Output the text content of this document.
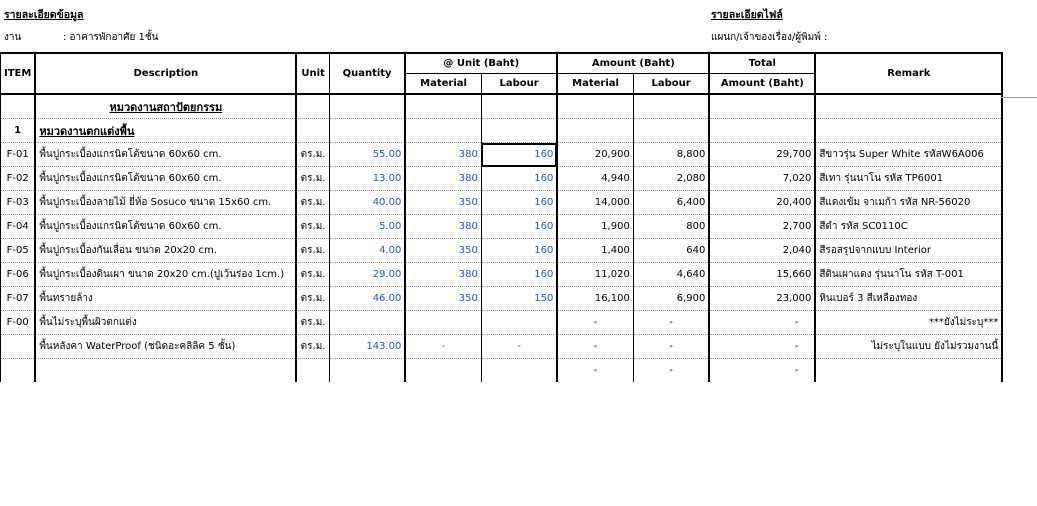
รายละเอียดข้อมูล	รายละเอียดไฟล์
งาน	: อาคารพักอาศัย 1ชั้น	แผนก/เจ้าของเรื่อง/ผู้พิมพ์ :
ITEM	Description	Unit	Quantity	@ Unit (Baht)		Amount (Baht)		Total	Remark
				Material	Labour	Material	Labour	Amount (Baht)	
	หมวดงานสถาปัตยกรรม								
1	หมวดงานตกแต่งพื้น								
F-01	พื้นปูกระเบื้องแกรนิตโต้ขนาด 60x60 cm.	ตร.ม.	55.00	380	160	20,900	8,800	29,700	สีขาวรุ่น Super White รหัสW6A006
F-02	พื้นปูกระเบื้องแกรนิตโต้ขนาด 60x60 cm.	ตร.ม.	13.00	380	160	4,940	2,080	7,020	สีเทา รุ่นนาโน รหัส TP6001
F-03	พื้นปูกระเบื้องลายไม้ ยี่ห้อ Sosuco ขนาด 15x60 cm.	ตร.ม.	40.00	350	160	14,000	6,400	20,400	สีแดงเข้ม จาเมก้า รหัส NR-56020
F-04	พื้นปูกระเบื้องแกรนิตโต้ขนาด 60x60 cm.	ตร.ม.	5.00	380	160	1,900	800	2,700	สีดำ รหัส SC0110C
F-05	พื้นปูกระเบื้องกันเลื่อน ขนาด 20x20 cm.	ตร.ม.	4.00	350	160	1,400	640	2,040	สีรอสรุปจากแบบ Interior
F-06	พื้นปูกระเบื้องดินเผา ขนาด 20x20 cm.(ปูเว้นร่อง 1cm.)	ตร.ม.	29.00	380	160	11,020	4,640	15,660	สีดินเผาแดง รุ่นนาโน รหัส T-001
F-07	พื้นทรายล้าง	ตร.ม.	46.00	350	150	16,100	6,900	23,000	หินเบอร์ 3 สีเหลืองทอง
F-00	พื้นไม่ระบุพื้นผิวตกแต่ง	ตร.ม.				-	-	-	***ยังไม่ระบุ***
	พื้นหลังคา WaterProof (ชนิดอะคลิลิค 5 ชั้น)	ตร.ม.	143.00	-	-	-	-	-	ไม่ระบุในแบบ ยังไม่รวมงานนี้
						-	-	-	
